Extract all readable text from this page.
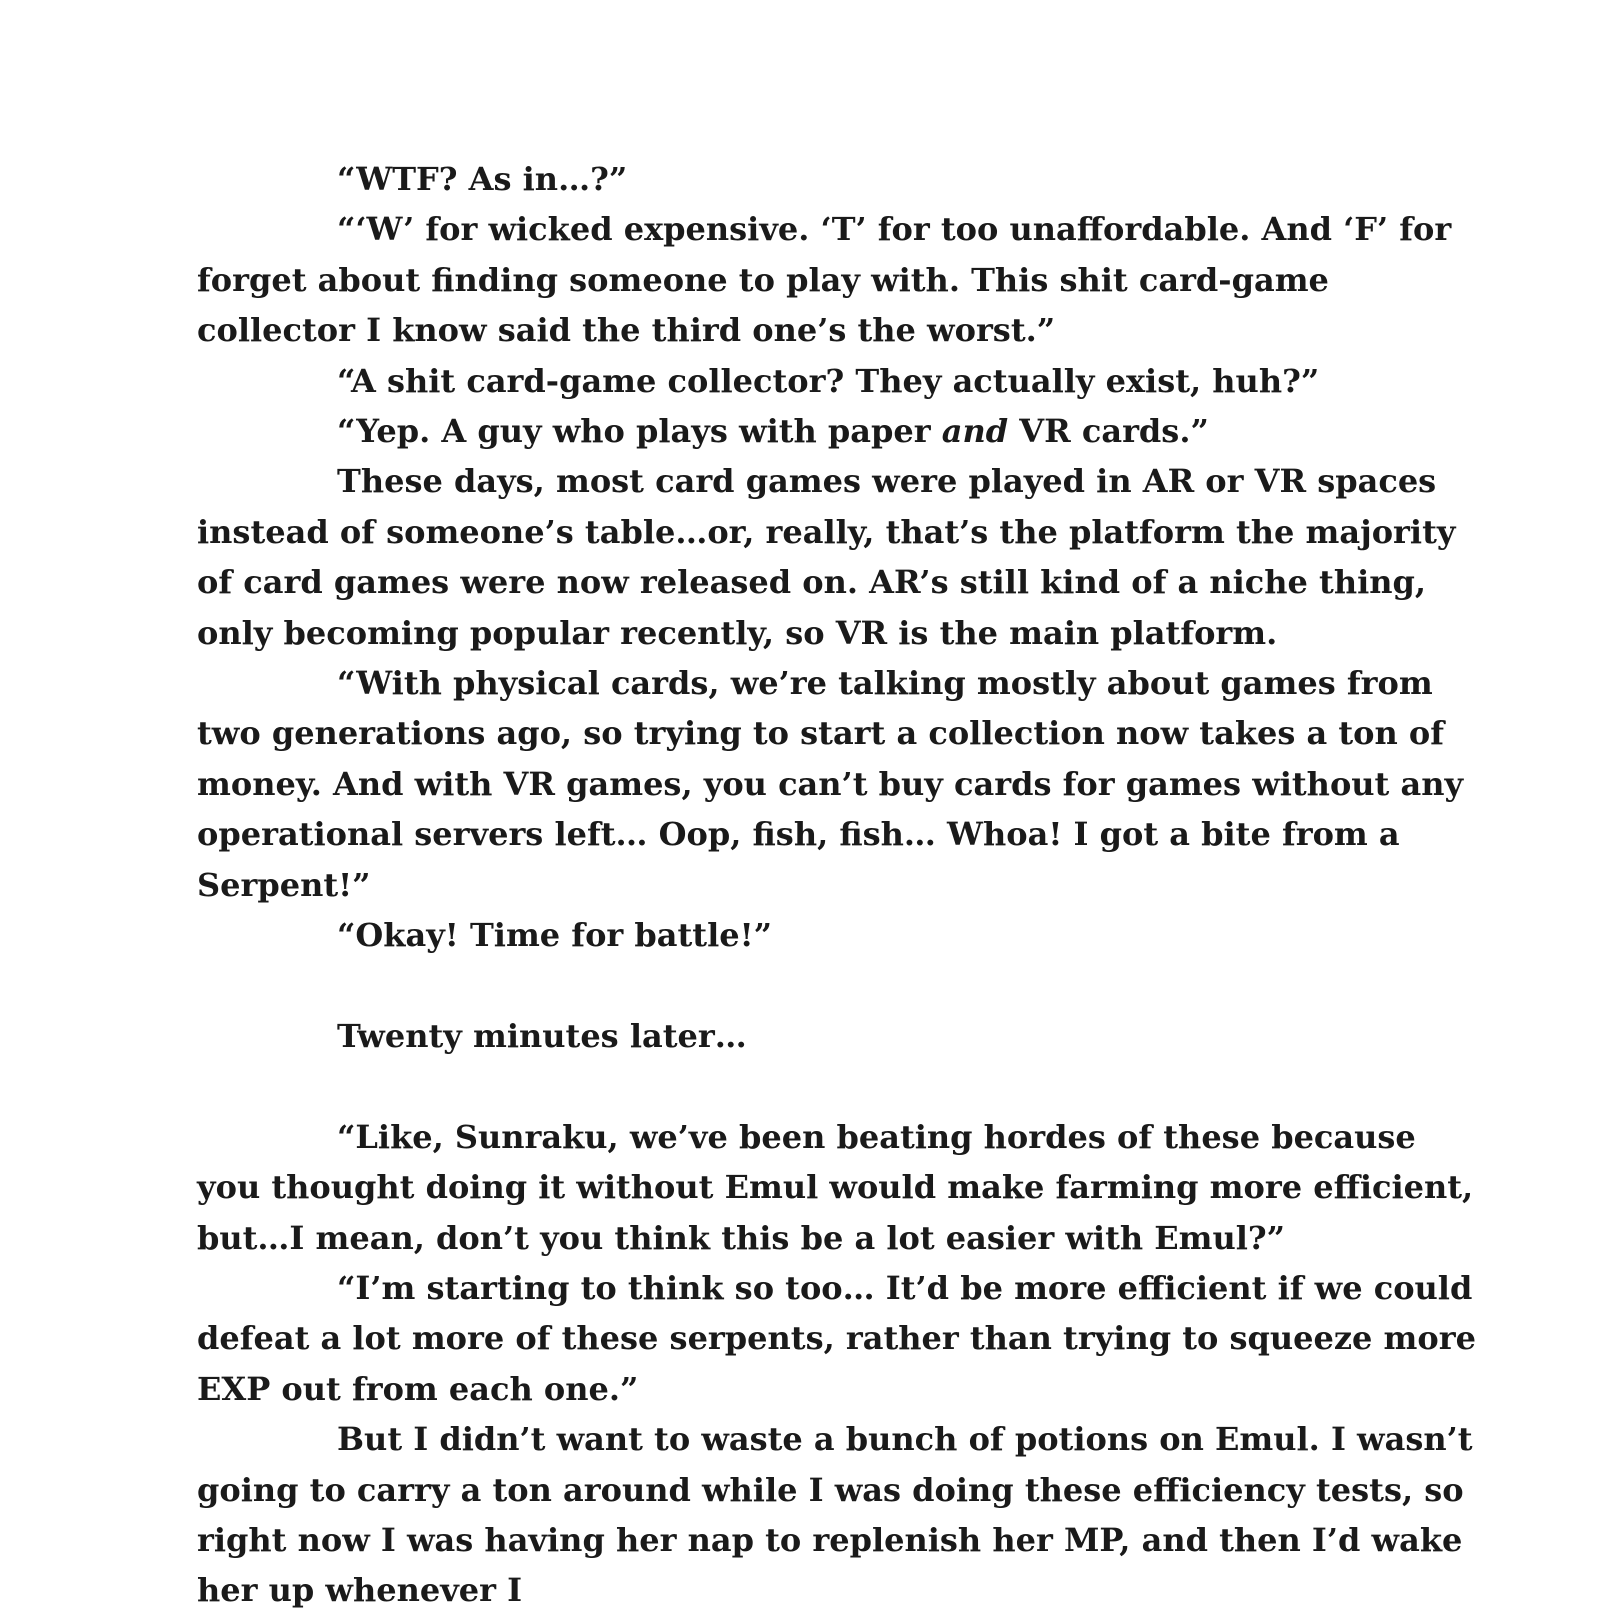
“WTF? As in…?”

“‘W’ for wicked expensive. ‘T’ for too unaffordable. And ‘F’ for forget about finding someone to play with. This shit card-game collector I know said the third one’s the worst.”

“A shit card-game collector? They actually exist, huh?”

“Yep. A guy who plays with paper and VR cards.”

These days, most card games were played in AR or VR spaces instead of someone’s table…or, really, that’s the platform the majority of card games were now released on. AR’s still kind of a niche thing, only becoming popular recently, so VR is the main platform.

“With physical cards, we’re talking mostly about games from two generations ago, so trying to start a collection now takes a ton of money. And with VR games, you can’t buy cards for games without any operational servers left… Oop, fish, fish… Whoa! I got a bite from a Serpent!”

“Okay! Time for battle!”

Twenty minutes later…

“Like, Sunraku, we’ve been beating hordes of these because you thought doing it without Emul would make farming more efficient, but…I mean, don’t you think this be a lot easier with Emul?”

“I’m starting to think so too… It’d be more efficient if we could defeat a lot more of these serpents, rather than trying to squeeze more EXP out from each one.”

But I didn’t want to waste a bunch of potions on Emul. I wasn’t going to carry a ton around while I was doing these efficiency tests, so right now I was having her nap to replenish her MP, and then I’d wake her up whenever I
